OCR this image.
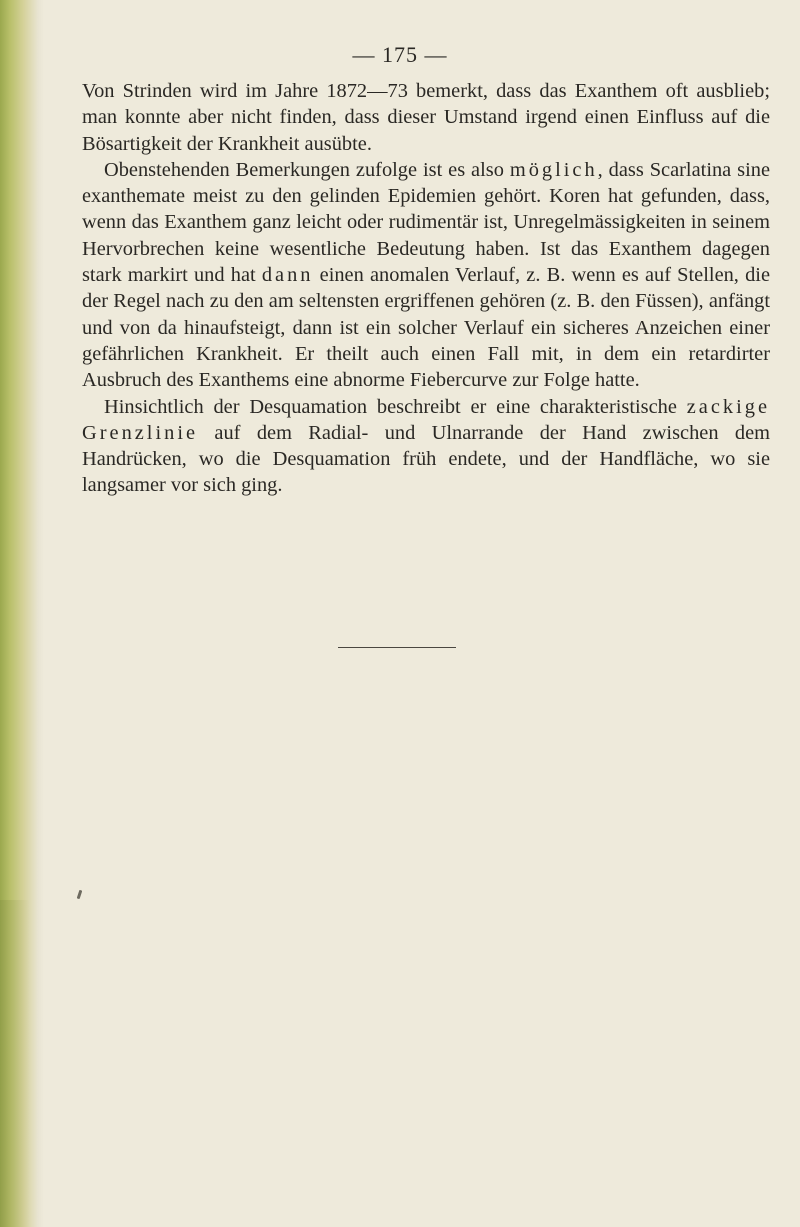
— 175 —

Von Strinden wird im Jahre 1872—73 bemerkt, dass das Exanthem oft ausblieb; man konnte aber nicht finden, dass dieser Umstand irgend einen Einfluss auf die Bösartigkeit der Krankheit ausübte.

Obenstehenden Bemerkungen zufolge ist es also möglich, dass Scarlatina sine exanthemate meist zu den gelinden Epidemien gehört. Koren hat gefunden, dass, wenn das Exanthem ganz leicht oder rudimentär ist, Unregelmässigkeiten in seinem Hervorbrechen keine wesentliche Bedeutung haben. Ist das Exanthem dagegen stark markirt und hat dann einen anomalen Verlauf, z. B. wenn es auf Stellen, die der Regel nach zu den am seltensten ergriffenen gehören (z. B. den Füssen), anfängt und von da hinaufsteigt, dann ist ein solcher Verlauf ein sicheres Anzeichen einer gefährlichen Krankheit. Er theilt auch einen Fall mit, in dem ein retardirter Ausbruch des Exanthems eine abnorme Fiebercurve zur Folge hatte.

Hinsichtlich der Desquamation beschreibt er eine charakteristische zackige Grenzlinie auf dem Radial- und Ulnarrande der Hand zwischen dem Handrücken, wo die Desquamation früh endete, und der Handfläche, wo sie langsamer vor sich ging.
